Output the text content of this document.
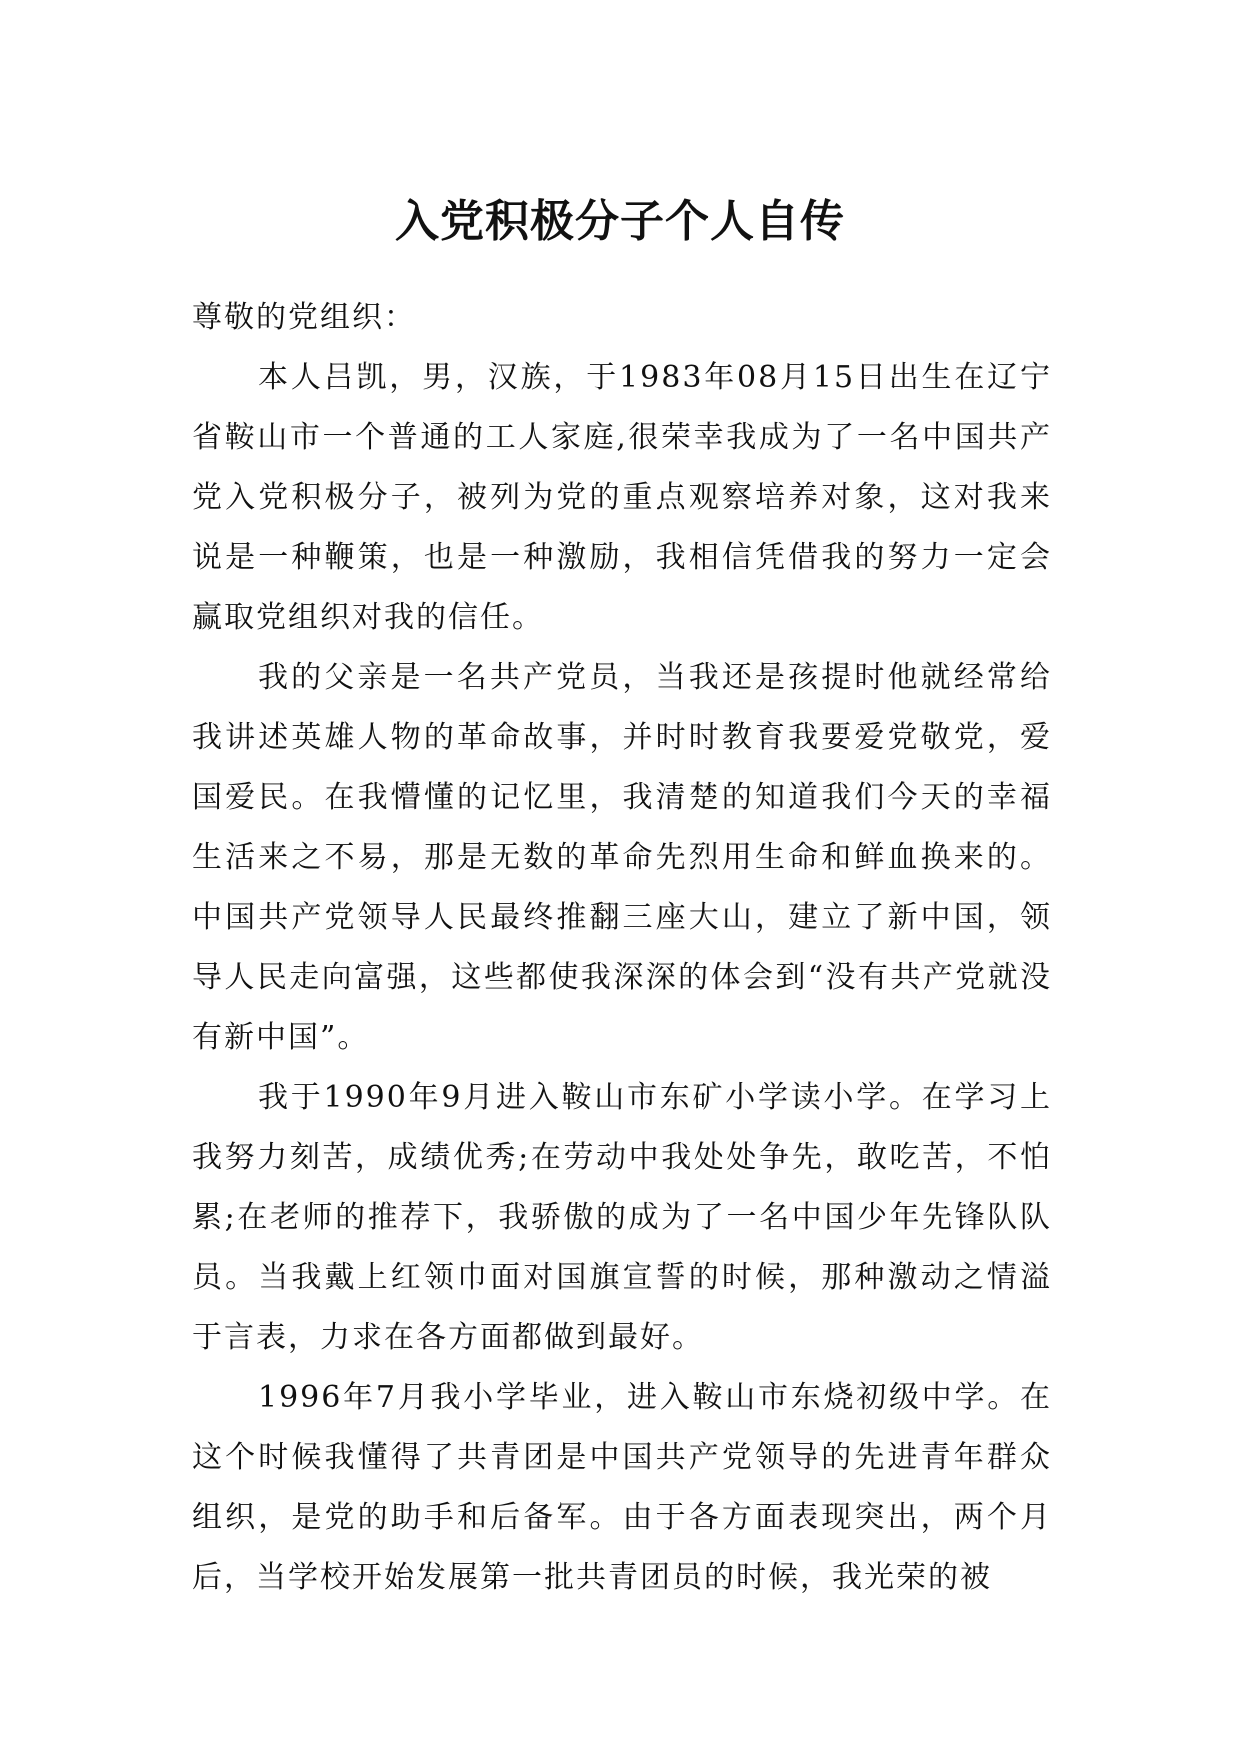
入党积极分子个人自传

尊敬的党组织：

本人吕凯，男，汉族，于1983年08月15日出生在辽宁省鞍山市一个普通的工人家庭,很荣幸我成为了一名中国共产党入党积极分子，被列为党的重点观察培养对象，这对我来说是一种鞭策，也是一种激励，我相信凭借我的努力一定会赢取党组织对我的信任。

我的父亲是一名共产党员，当我还是孩提时他就经常给我讲述英雄人物的革命故事，并时时教育我要爱党敬党，爱国爱民。在我懵懂的记忆里，我清楚的知道我们今天的幸福生活来之不易，那是无数的革命先烈用生命和鲜血换来的。中国共产党领导人民最终推翻三座大山，建立了新中国，领导人民走向富强，这些都使我深深的体会到“没有共产党就没有新中国”。

我于1990年9月进入鞍山市东矿小学读小学。在学习上我努力刻苦，成绩优秀;在劳动中我处处争先，敢吃苦，不怕累;在老师的推荐下，我骄傲的成为了一名中国少年先锋队队员。当我戴上红领巾面对国旗宣誓的时候，那种激动之情溢于言表，力求在各方面都做到最好。

1996年7月我小学毕业，进入鞍山市东烧初级中学。在这个时候我懂得了共青团是中国共产党领导的先进青年群众组织，是党的助手和后备军。由于各方面表现突出，两个月后，当学校开始发展第一批共青团员的时候，我光荣的被
